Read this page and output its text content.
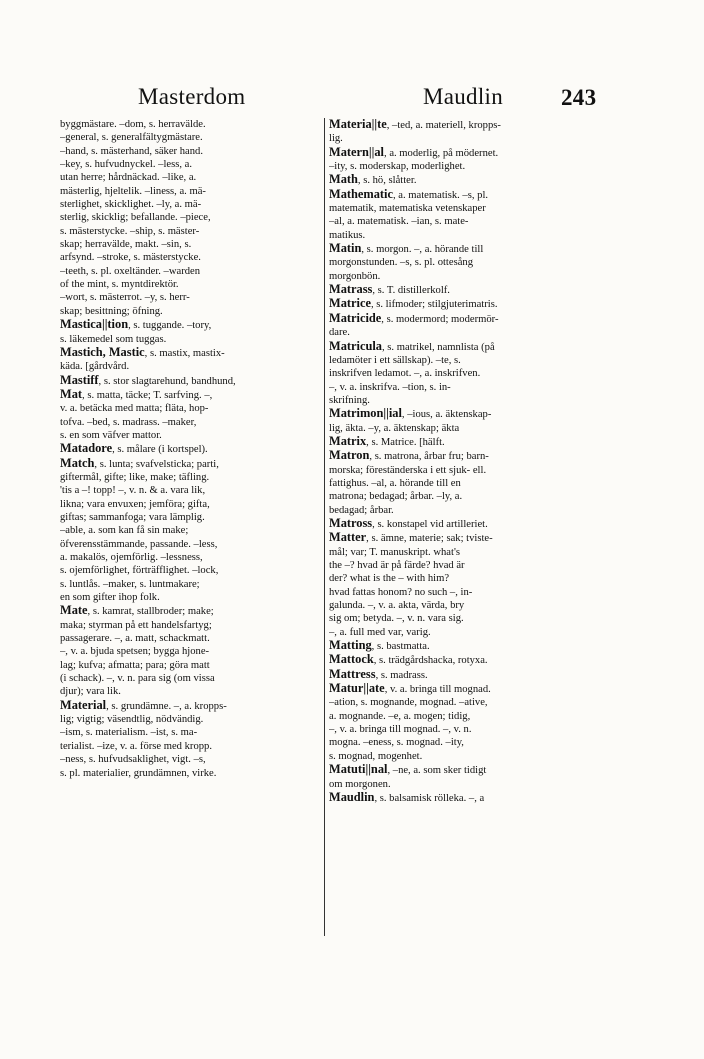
Masterdom	Maudlin	243
byggmästare. –dom, s. herravälde.
–general, s. generalfältygmästare.
–hand, s. mästerhand, säker hand.
–key, s. hufvudnyckel. –less, a.
utan herre; hårdnäckad. –like, a.
mästerlig, hjeltelik. –liness, a. mä-
sterlighet, skicklighet. –ly, a. mä-
sterlig, skicklig; befallande. –piece,
s. mästerstycke. –ship, s. mäster-
skap; herravälde, makt. –sin, s.
arfsynd. –stroke, s. mästerstycke.
–teeth, s. pl. oxeltänder. –warden
of the mint, s. myntdirektör.
–wort, s. mästerrot. –y, s. herr-
skap; besittning; öfning.
Mastica||tion, s. tuggande. –tory,
s. läkemedel som tuggas.
Mastich, Mastic, s. mastix, mastix-
käda. [gårdvård.
Mastiff, s. stor slagtarehund, bandhund,
Mat, s. matta, täcke; T. sarfving. –,
v. a. betäcka med matta; fläta, hop-
tofva. –bed, s. madrass. –maker,
s. en som väfver mattor.
Matadore, s. målare (i kortspel).
Match, s. lunta; svafvelsticka; parti,
giftermål, gifte; like, make; täfling.
'tis a –! topp! –, v. n. & a. vara lik,
likna; vara envuxen; jemföra; gifta,
giftas; sammanfoga; vara lämplig.
–able, a. som kan få sin make;
öfverensstämmande, passande. –less,
a. makalös, ojemförlig. –lessness,
s. ojemförlighet, förträfflighet. –lock,
s. luntlås. –maker, s. luntmakare;
en som gifter ihop folk.
Mate, s. kamrat, stallbroder; make;
maka; styrman på ett handelsfartyg;
passagerare. –, a. matt, schackmatt.
–, v. a. bjuda spetsen; bygga hjone-
lag; kufva; afmatta; para; göra matt
(i schack). –, v. n. para sig (om vissa
djur); vara lik.
Material, s. grundämne. –, a. kropps-
lig; vigtig; väsendtlig, nödvändig.
–ism, s. materialism. –ist, s. ma-
terialist. –ize, v. a. förse med kropp.
–ness, s. hufvudsaklighet, vigt. –s,
s. pl. materialier, grundämnen, virke.
Materia||te, –ted, a. materiell, kropps-
lig.
Matern||al, a. moderlig, på mödernet.
–ity, s. moderskap, moderlighet.
Math, s. hö, slåtter.
Mathematic, a. matematisk. –s, pl.
matematik, matematiska vetenskaper
–al, a. matematisk. –ian, s. mate-
matikus.
Matin, s. morgon. –, a. hörande till
morgonstunden. –s, s. pl. ottesång
morgonbön.
Matrass, s. T. distillerkolf.
Matrice, s. lifmoder; stilgjuterimatris.
Matricide, s. modermord; modermör-
dare.
Matricula, s. matrikel, namnlista (på
ledamöter i ett sällskap). –te, s.
inskrifven ledamot. –, a. inskrifven.
–, v. a. inskrifva. –tion, s. in-
skrifning.
Matrimon||ial, –ious, a. äktenskap-
lig, äkta. –y, a. äktenskap; äkta
Matrix, s. Matrice. [hälft.
Matron, s. matrona, årbar fru; barn-
morska; föreständerska i ett sjuk- ell.
fattighus. –al, a. hörande till en
matrona; bedagad; årbar. –ly, a.
bedagad; årbar.
Matross, s. konstapel vid artilleriet.
Matter, s. ämne, materie; sak; tviste-
mål; var; T. manuskript. what's
the –? hvad är på färde? hvad är
der? what is the – with him?
hvad fattas honom? no such –, in-
galunda. –, v. a. akta, värda, bry
sig om; betyda. –, v. n. vara sig.
–, a. full med var, varig.
Matting, s. bastmatta.
Mattock, s. trädgårdshacka, rotyxa.
Mattress, s. madrass.
Matur||ate, v. a. bringa till mognad.
–ation, s. mognande, mognad. –ative,
a. mognande. –e, a. mogen; tidig,
–, v. a. bringa till mognad. –, v. n.
mogna. –eness, s. mognad. –ity,
s. mognad, mogenhet.
Matuti||nal, –ne, a. som sker tidigt
om morgonen.
Maudlin, s. balsamisk rölleka. –, a
